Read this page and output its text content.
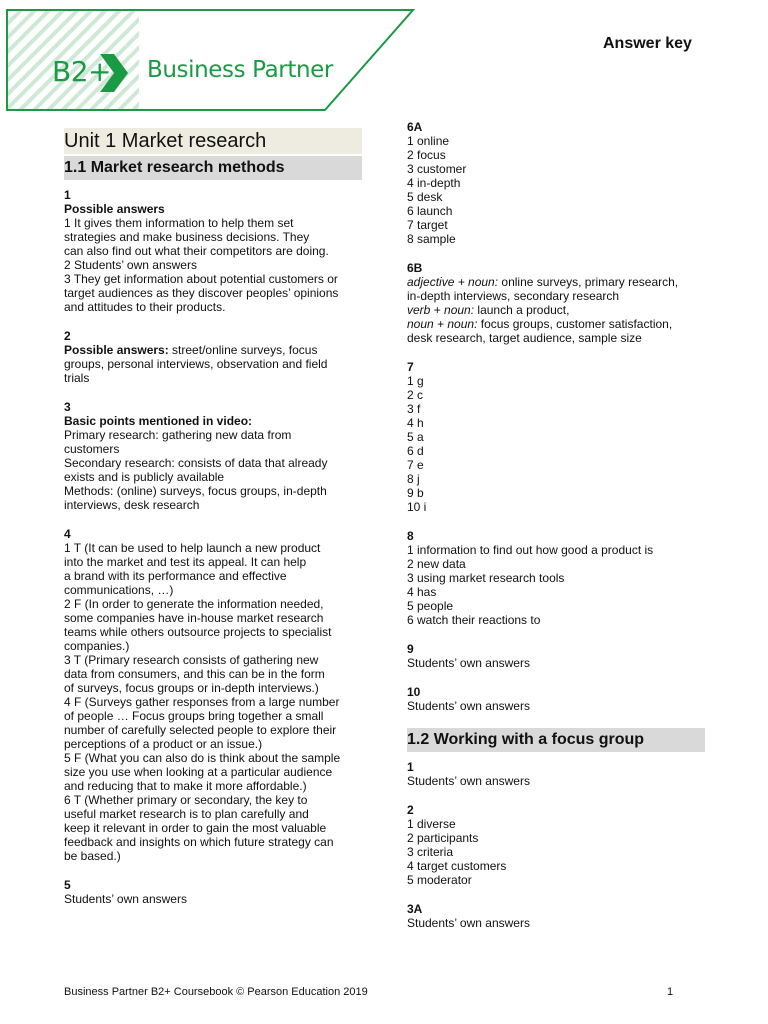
B2+ Business Partner
Answer key
Unit 1 Market research
1.1 Market research methods
1
Possible answers
1 It gives them information to help them set
strategies and make business decisions. They
can also find out what their competitors are doing.
2 Students’ own answers
3 They get information about potential customers or
target audiences as they discover peoples’ opinions
and attitudes to their products.
2
Possible answers: street/online surveys, focus
groups, personal interviews, observation and field
trials
3
Basic points mentioned in video:
Primary research: gathering new data from
customers
Secondary research: consists of data that already
exists and is publicly available
Methods: (online) surveys, focus groups, in-depth
interviews, desk research
4
1 T (It can be used to help launch a new product
into the market and test its appeal. It can help
a brand with its performance and effective
communications, …)
2 F (In order to generate the information needed,
some companies have in-house market research
teams while others outsource projects to specialist
companies.)
3 T (Primary research consists of gathering new
data from consumers, and this can be in the form
of surveys, focus groups or in-depth interviews.)
4 F (Surveys gather responses from a large number
of people … Focus groups bring together a small
number of carefully selected people to explore their
perceptions of a product or an issue.)
5 F (What you can also do is think about the sample
size you use when looking at a particular audience
and reducing that to make it more affordable.)
6 T (Whether primary or secondary, the key to
useful market research is to plan carefully and
keep it relevant in order to gain the most valuable
feedback and insights on which future strategy can
be based.)
5
Students’ own answers
6A
1 online
2 focus
3 customer
4 in-depth
5 desk
6 launch
7 target
8 sample
6B
adjective + noun: online surveys, primary research,
in-depth interviews, secondary research
verb + noun: launch a product,
noun + noun: focus groups, customer satisfaction,
desk research, target audience, sample size
7
1 g
2 c
3 f
4 h
5 a
6 d
7 e
8 j
9 b
10 i
8
1 information to find out how good a product is
2 new data
3 using market research tools
4 has
5 people
6 watch their reactions to
9
Students’ own answers
10
Students’ own answers
1.2 Working with a focus group
1
Students’ own answers
2
1 diverse
2 participants
3 criteria
4 target customers
5 moderator
3A
Students’ own answers
Business Partner B2+ Coursebook © Pearson Education 2019	1
